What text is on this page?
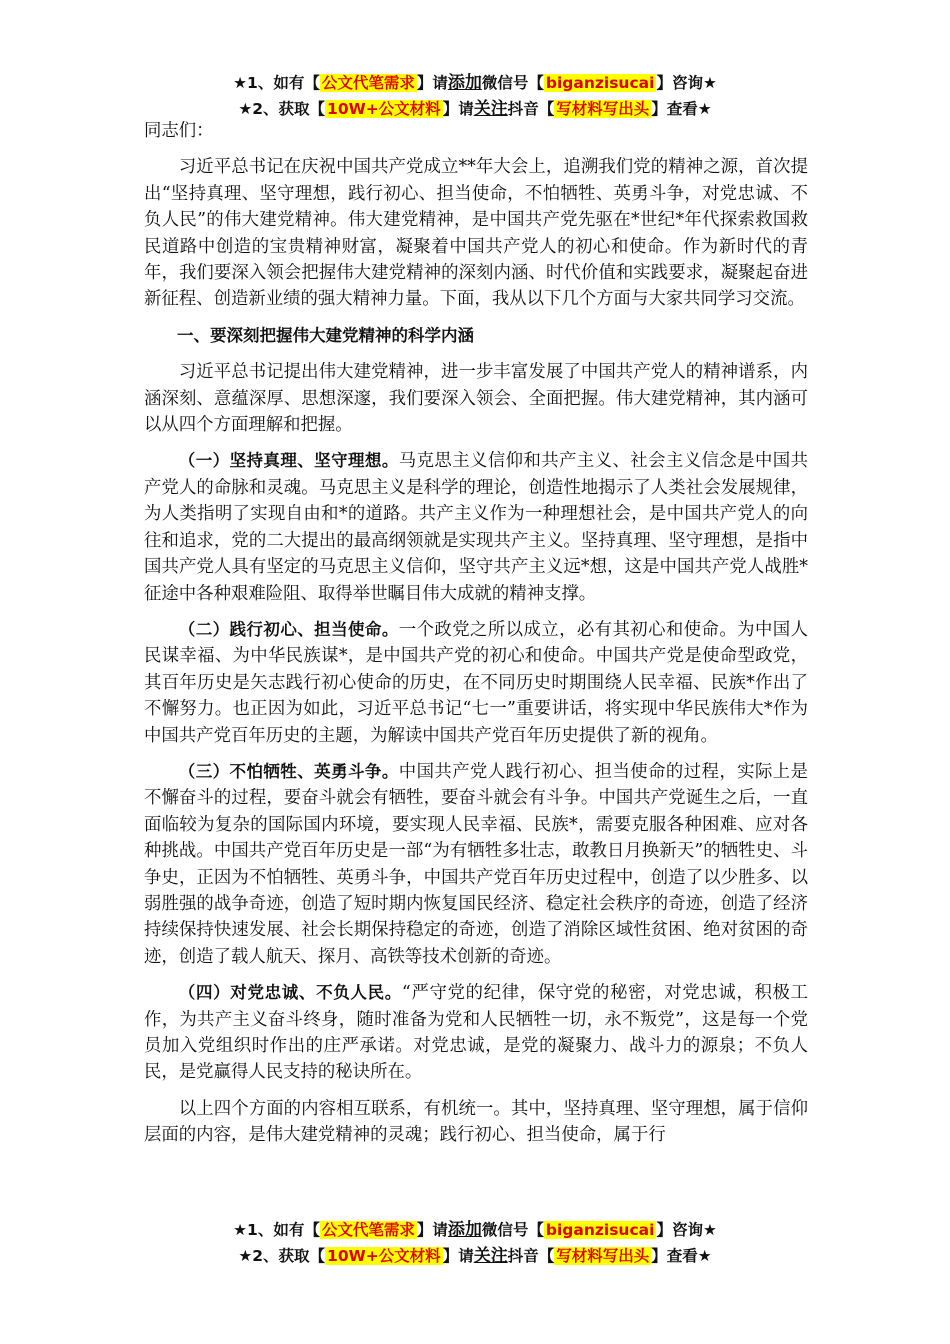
★1、如有【 公文代笔需求 】请添加微信号【 biganzisucai 】咨询★
★2、获取【 10W+公文材料 】请关注抖音【 写材料写出头 】查看★

同志们：

习近平总书记在庆祝中国共产党成立**年大会上，追溯我们党的精神之源，首次提出“坚持真理、坚守理想，践行初心、担当使命，不怕牺牲、英勇斗争，对党忠诚、不负人民”的伟大建党精神。伟大建党精神，是中国共产党先驱在*世纪*年代探索救国救民道路中创造的宝贵精神财富，凝聚着中国共产党人的初心和使命。作为新时代的青年，我们要深入领会把握伟大建党精神的深刻内涵、时代价值和实践要求，凝聚起奋进新征程、创造新业绩的强大精神力量。下面，我从以下几个方面与大家共同学习交流。

一、要深刻把握伟大建党精神的科学内涵

习近平总书记提出伟大建党精神，进一步丰富发展了中国共产党人的精神谱系，内涵深刻、意蕴深厚、思想深邃，我们要深入领会、全面把握。伟大建党精神，其内涵可以从四个方面理解和把握。

（一）坚持真理、坚守理想。马克思主义信仰和共产主义、社会主义信念是中国共产党人的命脉和灵魂。马克思主义是科学的理论，创造性地揭示了人类社会发展规律，为人类指明了实现自由和*的道路。共产主义作为一种理想社会，是中国共产党人的向往和追求，党的二大提出的最高纲领就是实现共产主义。坚持真理、坚守理想，是指中国共产党人具有坚定的马克思主义信仰，坚守共产主义远*想，这是中国共产党人战胜*征途中各种艰难险阻、取得举世瞩目伟大成就的精神支撑。

（二）践行初心、担当使命。一个政党之所以成立，必有其初心和使命。为中国人民谋幸福、为中华民族谋*，是中国共产党的初心和使命。中国共产党是使命型政党，其百年历史是矢志践行初心使命的历史，在不同历史时期围绕人民幸福、民族*作出了不懈努力。也正因为如此，习近平总书记“七一”重要讲话，将实现中华民族伟大*作为中国共产党百年历史的主题，为解读中国共产党百年历史提供了新的视角。

（三）不怕牺牲、英勇斗争。中国共产党人践行初心、担当使命的过程，实际上是不懈奋斗的过程，要奋斗就会有牺牲，要奋斗就会有斗争。中国共产党诞生之后，一直面临较为复杂的国际国内环境，要实现人民幸福、民族*，需要克服各种困难、应对各种挑战。中国共产党百年历史是一部“为有牺牲多壮志，敢教日月换新天”的牺牲史、斗争史，正因为不怕牺牲、英勇斗争，中国共产党百年历史过程中，创造了以少胜多、以弱胜强的战争奇迹，创造了短时期内恢复国民经济、稳定社会秩序的奇迹，创造了经济持续保持快速发展、社会长期保持稳定的奇迹，创造了消除区域性贫困、绝对贫困的奇迹，创造了载人航天、探月、高铁等技术创新的奇迹。

（四）对党忠诚、不负人民。“严守党的纪律，保守党的秘密，对党忠诚，积极工作，为共产主义奋斗终身，随时准备为党和人民牺牲一切，永不叛党”，这是每一个党员加入党组织时作出的庄严承诺。对党忠诚，是党的凝聚力、战斗力的源泉；不负人民，是党赢得人民支持的秘诀所在。

以上四个方面的内容相互联系，有机统一。其中，坚持真理、坚守理想，属于信仰层面的内容，是伟大建党精神的灵魂；践行初心、担当使命，属于行

★1、如有【 公文代笔需求 】请添加微信号【 biganzisucai 】咨询★
★2、获取【 10W+公文材料 】请关注抖音【 写材料写出头 】查看★
